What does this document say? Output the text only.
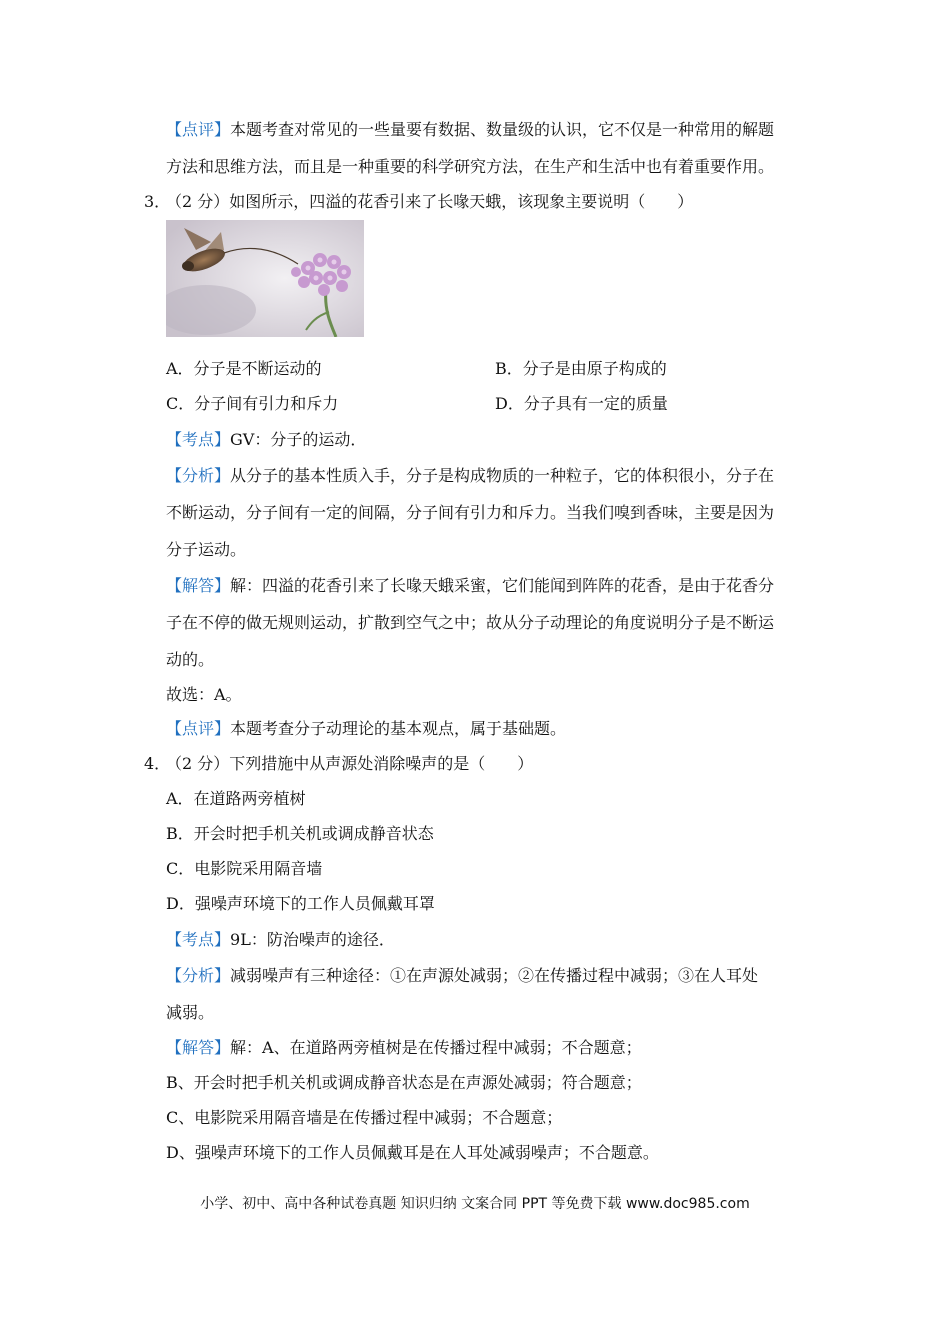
【点评】本题考查对常见的一些量要有数据、数量级的认识，它不仅是一种常用的解题
方法和思维方法，而且是一种重要的科学研究方法，在生产和生活中也有着重要作用。
3．
（2 分）如图所示，四溢的花香引来了长喙天蛾，该现象主要说明（　　）
A．分子是不断运动的	B．分子是由原子构成的
C．分子间有引力和斥力	D．分子具有一定的质量
【考点】GV：分子的运动．
【分析】从分子的基本性质入手，分子是构成物质的一种粒子，它的体积很小，分子在
不断运动，分子间有一定的间隔，分子间有引力和斥力。当我们嗅到香味，主要是因为
分子运动。
【解答】解：四溢的花香引来了长喙天蛾采蜜，它们能闻到阵阵的花香，是由于花香分
子在不停的做无规则运动，扩散到空气之中；故从分子动理论的角度说明分子是不断运
动的。
故选：A。
【点评】本题考查分子动理论的基本观点，属于基础题。
4．
（2 分）下列措施中从声源处消除噪声的是（　　）
A．在道路两旁植树
B．开会时把手机关机或调成静音状态
C．电影院采用隔音墙
D．强噪声环境下的工作人员佩戴耳罩
【考点】9L：防治噪声的途径．
【分析】减弱噪声有三种途径：①在声源处减弱；②在传播过程中减弱；③在人耳处
减弱。
【解答】解：A、在道路两旁植树是在传播过程中减弱；不合题意；
B、开会时把手机关机或调成静音状态是在声源处减弱；符合题意；
C、电影院采用隔音墙是在传播过程中减弱；不合题意；
D、强噪声环境下的工作人员佩戴耳是在人耳处减弱噪声；不合题意。
小学、初中、高中各种试卷真题 知识归纳 文案合同 PPT 等免费下载 www.doc985.com
